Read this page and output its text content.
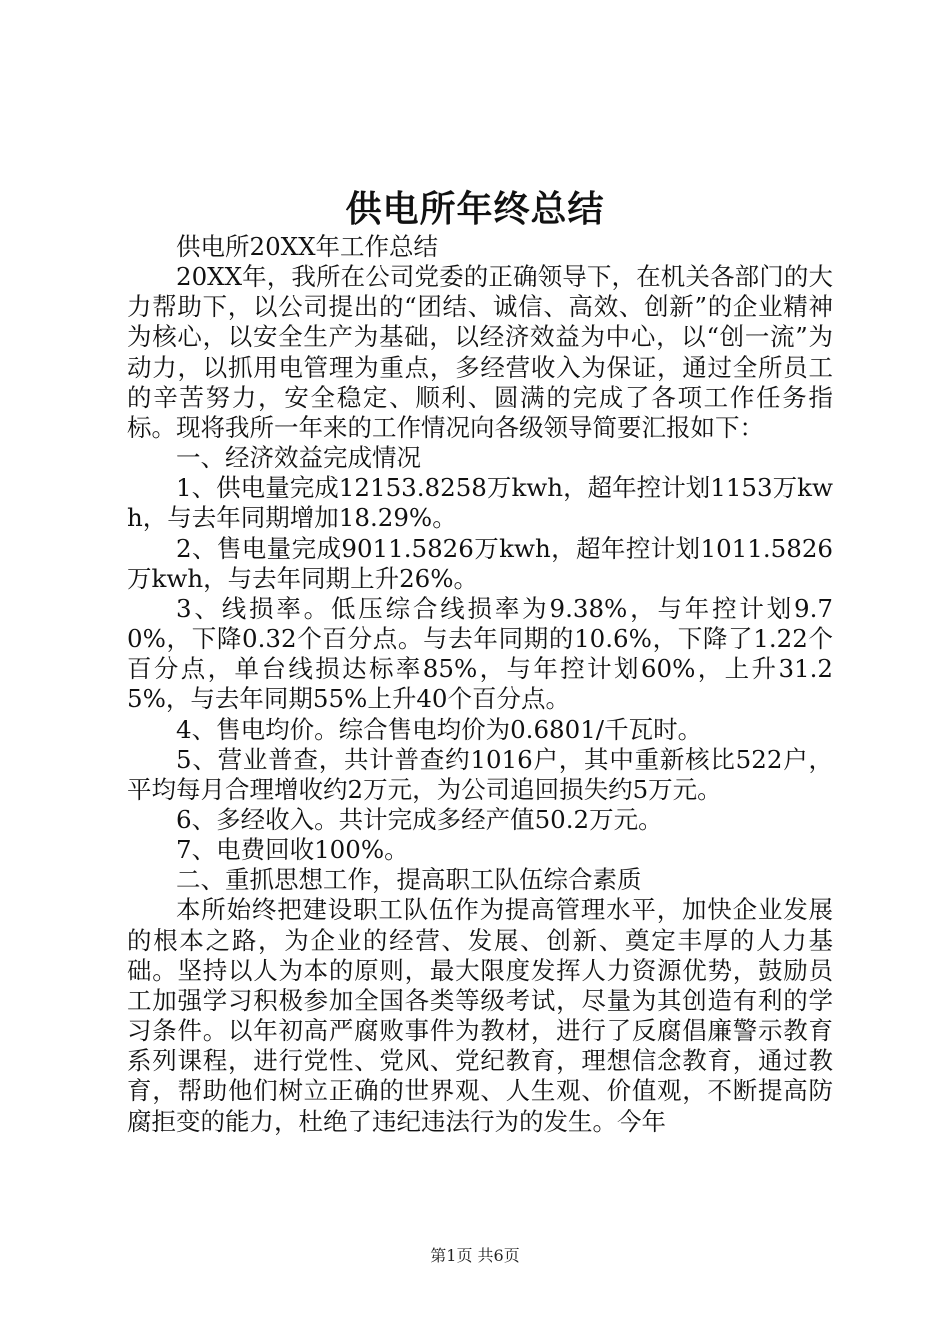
供电所年终总结

供电所20XX年工作总结

20XX年，我所在公司党委的正确领导下，在机关各部门的大力帮助下，以公司提出的“团结、诚信、高效、创新”的企业精神为核心，以安全生产为基础，以经济效益为中心，以“创一流”为动力，以抓用电管理为重点，多经营收入为保证，通过全所员工的辛苦努力，安全稳定、顺利、圆满的完成了各项工作任务指标。现将我所一年来的工作情况向各级领导简要汇报如下：

一、经济效益完成情况

1、供电量完成12153.8258万kwh，超年控计划1153万kwh，与去年同期增加18.29%。

2、售电量完成9011.5826万kwh，超年控计划1011.5826万kwh，与去年同期上升26%。

3、线损率。低压综合线损率为9.38%，与年控计划9.70%，下降0.32个百分点。与去年同期的10.6%，下降了1.22个百分点，单台线损达标率85%，与年控计划60%，上升31.25%，与去年同期55%上升40个百分点。

4、售电均价。综合售电均价为0.6801/千瓦时。

5、营业普查，共计普查约1016户，其中重新核比522户，平均每月合理增收约2万元，为公司追回损失约5万元。

6、多经收入。共计完成多经产值50.2万元。

7、电费回收100%。

二、重抓思想工作，提高职工队伍综合素质

本所始终把建设职工队伍作为提高管理水平，加快企业发展的根本之路，为企业的经营、发展、创新、奠定丰厚的人力基础。坚持以人为本的原则，最大限度发挥人力资源优势，鼓励员工加强学习积极参加全国各类等级考试，尽量为其创造有利的学习条件。以年初高严腐败事件为教材，进行了反腐倡廉警示教育系列课程，进行党性、党风、党纪教育，理想信念教育，通过教育，帮助他们树立正确的世界观、人生观、价值观，不断提高防腐拒变的能力，杜绝了违纪违法行为的发生。今年

第1页 共6页
